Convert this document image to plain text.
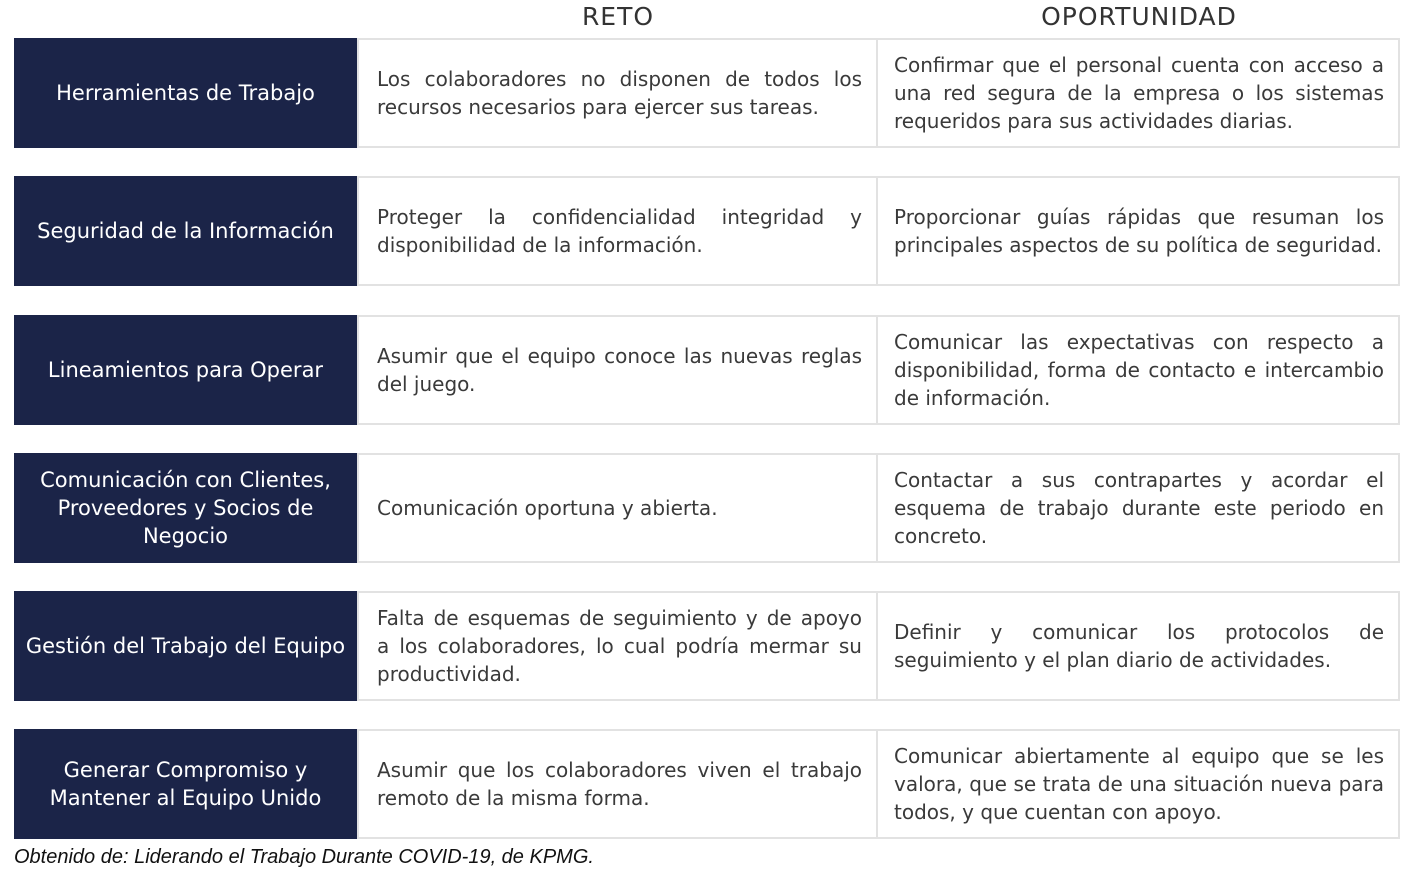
RETO	OPORTUNIDAD
Herramientas de Trabajo
Los colaboradores no disponen de todos los recursos necesarios para ejercer sus tareas.
Confirmar que el personal cuenta con acceso a una red segura de la empresa o los sistemas requeridos para sus actividades diarias.
Seguridad de la Información
Proteger la confidencialidad integridad y disponibilidad de la información.
Proporcionar guías rápidas que resuman los principales aspectos de su política de seguridad.
Lineamientos para Operar
Asumir que el equipo conoce las nuevas reglas del juego.
Comunicar las expectativas con respecto a disponibilidad, forma de contacto e intercambio de información.
Comunicación con Clientes, Proveedores y Socios de Negocio
Comunicación oportuna y abierta.
Contactar a sus contrapartes y acordar el esquema de trabajo durante este periodo en concreto.
Gestión del Trabajo del Equipo
Falta de esquemas de seguimiento y de apoyo a los colaboradores, lo cual podría mermar su productividad.
Definir y comunicar los protocolos de seguimiento y el plan diario de actividades.
Generar Compromiso y Mantener al Equipo Unido
Asumir que los colaboradores viven el trabajo remoto de la misma forma.
Comunicar abiertamente al equipo que se les valora, que se trata de una situación nueva para todos, y que cuentan con apoyo.
Obtenido de: Liderando el Trabajo Durante COVID-19, de KPMG.
